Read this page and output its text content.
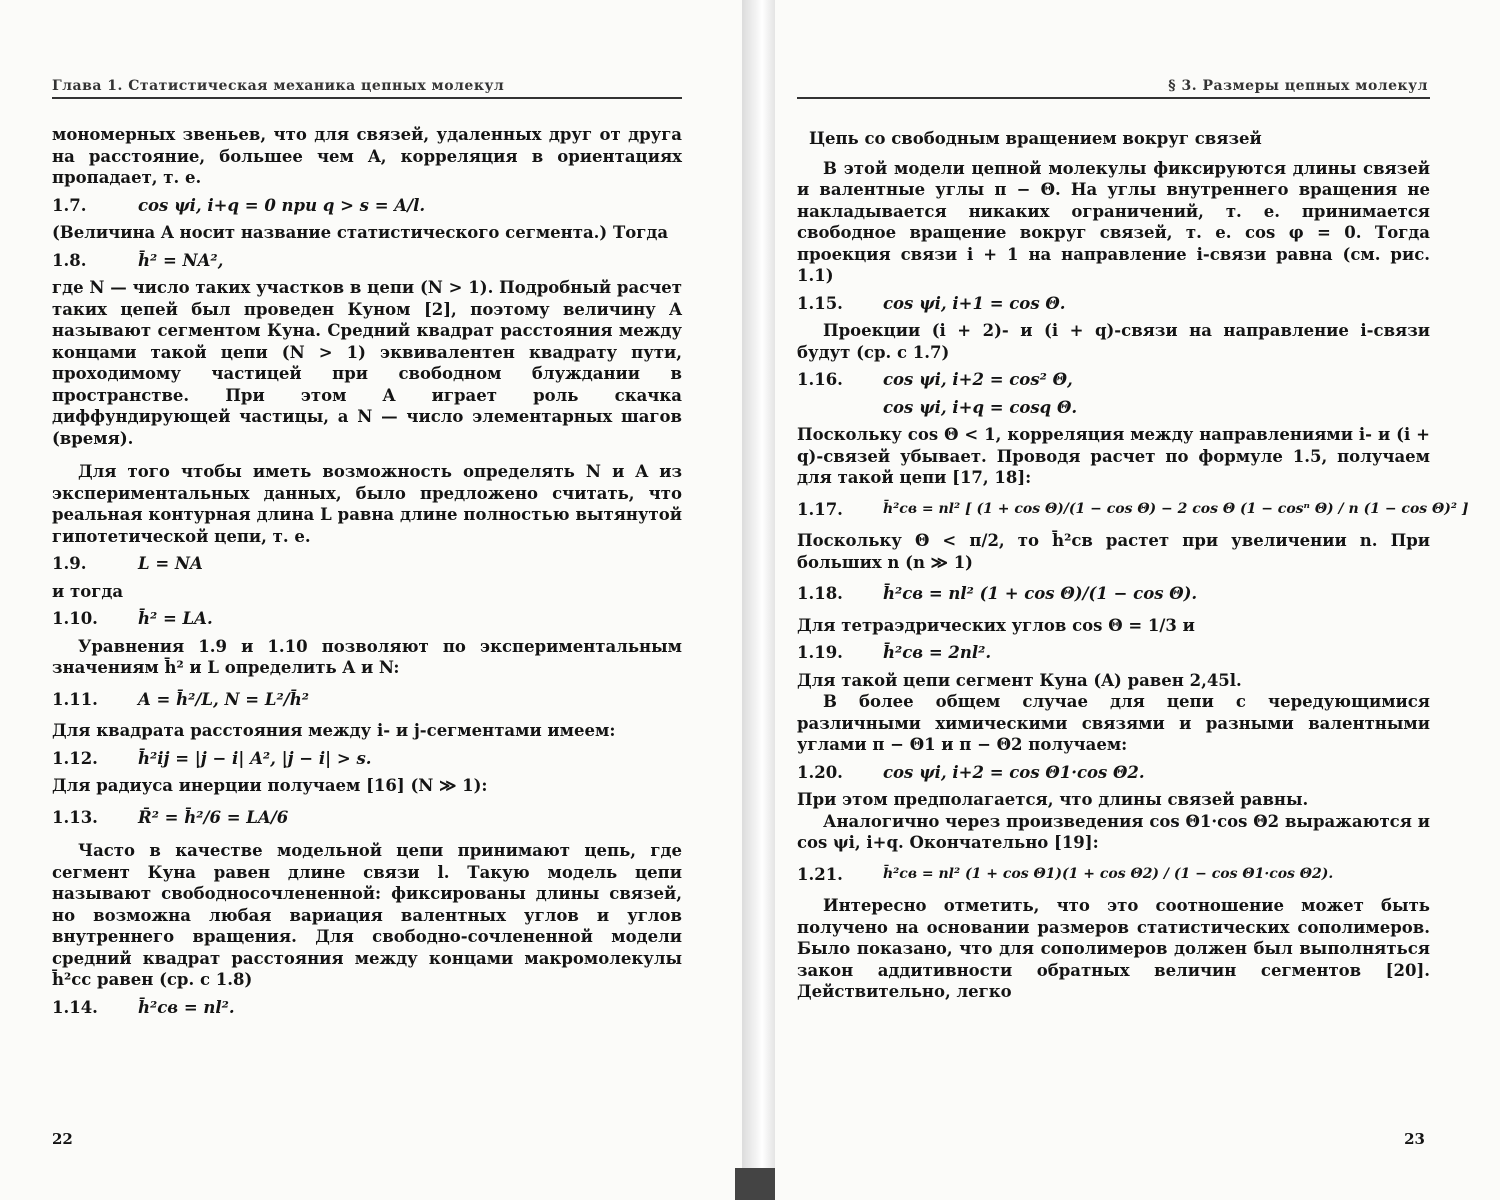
Глава 1. Статистическая механика цепных молекул

мономерных звеньев, что для связей, удаленных друг от друга на расстояние, большее чем A, корреляция в ориентациях пропадает, т. е.

1.7.	cos ψi, i+q = 0 при q > s = A/l.

(Величина A носит название статистического сегмента.) Тогда

1.8.	h̄² = NA²,

где N — число таких участков в цепи (N > 1). Подробный расчет таких цепей был проведен Куном [2], поэтому величину A называют сегментом Куна. Средний квадрат расстояния между концами такой цепи (N > 1) эквивалентен квадрату пути, проходимому частицей при свободном блуждании в пространстве. При этом A играет роль скачка диффундирующей частицы, а N — число элементарных шагов (время).

Для того чтобы иметь возможность определять N и A из экспериментальных данных, было предложено считать, что реальная контурная длина L равна длине полностью вытянутой гипотетической цепи, т. е.

1.9.	L = NA

и тогда

1.10.	h̄² = LA.

Уравнения 1.9 и 1.10 позволяют по экспериментальным значениям h̄² и L определить A и N:

1.11.	A = h̄²/L, N = L²/h̄²

Для квадрата расстояния между i- и j-сегментами имеем:

1.12.	h̄²ij = |j − i| A², |j − i| > s.

Для радиуса инерции получаем [16] (N ≫ 1):

1.13.	R̄² = h̄²/6 = LA/6

Часто в качестве модельной цепи принимают цепь, где сегмент Куна равен длине связи l. Такую модель цепи называют свободносочлененной: фиксированы длины связей, но возможна любая вариация валентных углов и углов внутреннего вращения. Для свободно-сочлененной модели средний квадрат расстояния между концами макромолекулы h̄²сс равен (ср. с 1.8)

1.14.	h̄²св = nl².
22
§ 3. Размеры цепных молекул
Цепь со свободным вращением вокруг связей

В этой модели цепной молекулы фиксируются длины связей и валентные углы π − Θ. На углы внутреннего вращения не накладывается никаких ограничений, т. е. принимается свободное вращение вокруг связей, т. е. cos φ = 0. Тогда проекция связи i + 1 на направление i-связи равна (см. рис. 1.1)

1.15.	cos ψi, i+1 = cos Θ.

Проекции (i + 2)- и (i + q)-связи на направление i-связи будут (ср. с 1.7)

1.16.	cos ψi, i+2 = cos² Θ,
cos ψi, i+q = cosq Θ.

Поскольку cos Θ < 1, корреляция между направлениями i- и (i + q)-связей убывает. Проводя расчет по формуле 1.5, получаем для такой цепи [17, 18]:

1.17.	h̄²св = nl² [ (1 + cos Θ)/(1 − cos Θ) − 2 cos Θ (1 − cosⁿ Θ) / n (1 − cos Θ)² ]

Поскольку Θ < π/2, то h̄²св растет при увеличении n. При больших n (n ≫ 1)

1.18.	h̄²св = nl² (1 + cos Θ)/(1 − cos Θ).

Для тетраэдрических углов cos Θ = 1/3 и

1.19.	h̄²св = 2nl².

Для такой цепи сегмент Куна (A) равен 2,45l.

В более общем случае для цепи с чередующимися различными химическими связями и разными валентными углами π − Θ1 и π − Θ2 получаем:

1.20.	cos ψi, i+2 = cos Θ1·cos Θ2.

При этом предполагается, что длины связей равны.

Аналогично через произведения cos Θ1·cos Θ2 выражаются и cos ψi, i+q. Окончательно [19]:

1.21.	h̄²св = nl² (1 + cos Θ1)(1 + cos Θ2) / (1 − cos Θ1·cos Θ2).

Интересно отметить, что это соотношение может быть получено на основании размеров статистических сополимеров. Было показано, что для сополимеров должен был выполняться закон аддитивности обратных величин сегментов [20]. Действительно, легко

23
